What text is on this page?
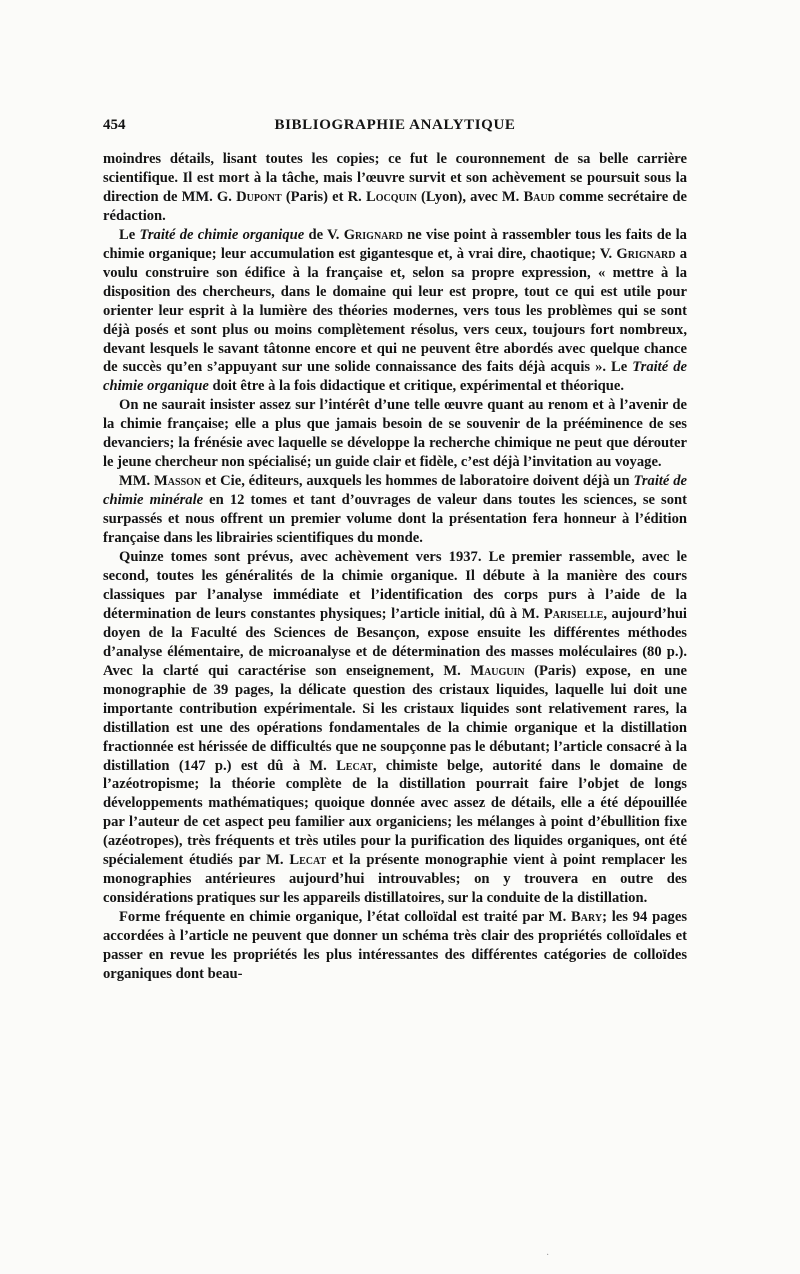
454	BIBLIOGRAPHIE ANALYTIQUE

moindres détails, lisant toutes les copies; ce fut le couronnement de sa belle carrière scientifique. Il est mort à la tâche, mais l’œuvre survit et son achèvement se poursuit sous la direction de MM. G. Dupont (Paris) et R. Locquin (Lyon), avec M. Baud comme secrétaire de rédaction.

Le Traité de chimie organique de V. Grignard ne vise point à rassembler tous les faits de la chimie organique; leur accumulation est gigantesque et, à vrai dire, chaotique; V. Grignard a voulu construire son édifice à la française et, selon sa propre expression, « mettre à la disposition des chercheurs, dans le domaine qui leur est propre, tout ce qui est utile pour orienter leur esprit à la lumière des théories modernes, vers tous les problèmes qui se sont déjà posés et sont plus ou moins complètement résolus, vers ceux, toujours fort nombreux, devant lesquels le savant tâtonne encore et qui ne peuvent être abordés avec quelque chance de succès qu’en s’appuyant sur une solide connaissance des faits déjà acquis ». Le Traité de chimie organique doit être à la fois didactique et critique, expérimental et théorique.

On ne saurait insister assez sur l’intérêt d’une telle œuvre quant au renom et à l’avenir de la chimie française; elle a plus que jamais besoin de se souvenir de la prééminence de ses devanciers; la frénésie avec laquelle se développe la recherche chimique ne peut que dérouter le jeune chercheur non spécialisé; un guide clair et fidèle, c’est déjà l’invitation au voyage.

MM. Masson et Cie, éditeurs, auxquels les hommes de laboratoire doivent déjà un Traité de chimie minérale en 12 tomes et tant d’ouvrages de valeur dans toutes les sciences, se sont surpassés et nous offrent un premier volume dont la présentation fera honneur à l’édition française dans les librairies scientifiques du monde.

Quinze tomes sont prévus, avec achèvement vers 1937. Le premier rassemble, avec le second, toutes les généralités de la chimie organique. Il débute à la manière des cours classiques par l’analyse immédiate et l’identification des corps purs à l’aide de la détermination de leurs constantes physiques; l’article initial, dû à M. Pariselle, aujourd’hui doyen de la Faculté des Sciences de Besançon, expose ensuite les différentes méthodes d’analyse élémentaire, de microanalyse et de détermination des masses moléculaires (80 p.). Avec la clarté qui caractérise son enseignement, M. Mauguin (Paris) expose, en une monographie de 39 pages, la délicate question des cristaux liquides, laquelle lui doit une importante contribution expérimentale. Si les cristaux liquides sont relativement rares, la distillation est une des opérations fondamentales de la chimie organique et la distillation fractionnée est hérissée de difficultés que ne soupçonne pas le débutant; l’article consacré à la distillation (147 p.) est dû à M. Lecat, chimiste belge, autorité dans le domaine de l’azéotropisme; la théorie complète de la distillation pourrait faire l’objet de longs développements mathématiques; quoique donnée avec assez de détails, elle a été dépouillée par l’auteur de cet aspect peu familier aux organiciens; les mélanges à point d’ébullition fixe (azéotropes), très fréquents et très utiles pour la purification des liquides organiques, ont été spécialement étudiés par M. Lecat et la présente monographie vient à point remplacer les monographies antérieures aujourd’hui introuvables; on y trouvera en outre des considérations pratiques sur les appareils distillatoires, sur la conduite de la distillation.

Forme fréquente en chimie organique, l’état colloïdal est traité par M. Bary; les 94 pages accordées à l’article ne peuvent que donner un schéma très clair des propriétés colloïdales et passer en revue les propriétés les plus intéressantes des différentes catégories de colloïdes organiques dont beau-

·
